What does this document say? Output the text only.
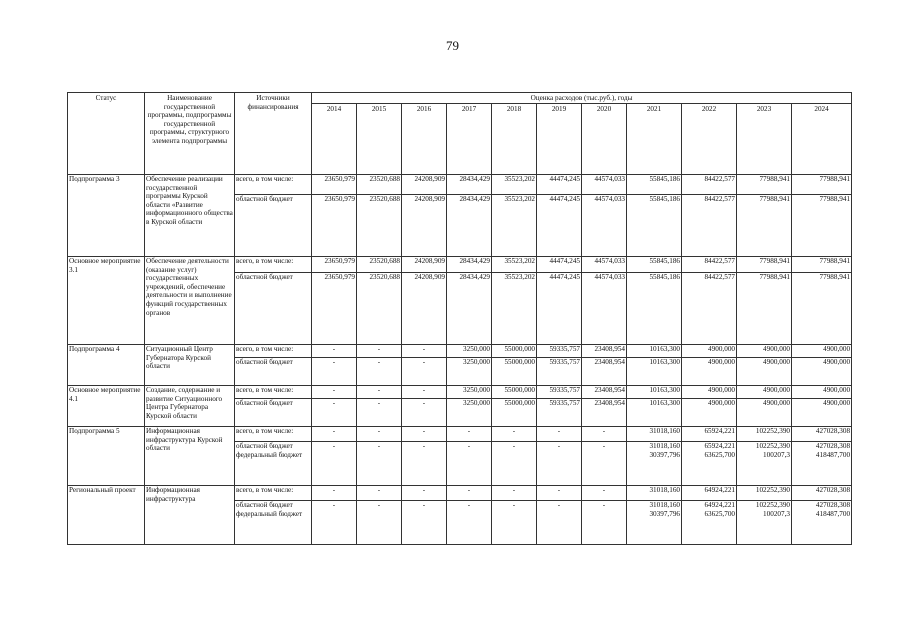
79
Статус	Наименование государственной программы, подпрограммы государственной программы, структурного элемента подпрограммы	Источники финансирования	Оценка расходов (тыс.руб.), годы										
			2014	2015	2016	2017	2018	2019	2020	2021	2022	2023	2024
Подпрограмма 3	Обеспечение реализации государственной программы Курской области «Развитие информационного общества в Курской области	всего, в том числе:	23650,979	23520,688	24208,909	28434,429	35523,202	44474,245	44574,033	55845,186	84422,577	77988,941	77988,941
		областной бюджет	23650,979	23520,688	24208,909	28434,429	35523,202	44474,245	44574,033	55845,186	84422,577	77988,941	77988,941
Основное мероприятие 3.1	Обеспечение деятельности (оказание услуг) государственных учреждений, обеспечение деятельности и выполнение функций государственных органов	всего, в том числе:	23650,979	23520,688	24208,909	28434,429	35523,202	44474,245	44574,033	55845,186	84422,577	77988,941	77988,941
		областной бюджет	23650,979	23520,688	24208,909	28434,429	35523,202	44474,245	44574,033	55845,186	84422,577	77988,941	77988,941
Подпрограмма 4	Ситуационный Центр Губернатора Курской области	всего, в том числе:	-	-	-	3250,000	55000,000	59335,757	23408,954	10163,300	4900,000	4900,000	4900,000
		областной бюджет	-	-	-	3250,000	55000,000	59335,757	23408,954	10163,300	4900,000	4900,000	4900,000
Основное мероприятие 4.1	Создание, содержание и развитие Ситуационного Центра Губернатора Курской области	всего, в том числе:	-	-	-	3250,000	55000,000	59335,757	23408,954	10163,300	4900,000	4900,000	4900,000
		областной бюджет	-	-	-	3250,000	55000,000	59335,757	23408,954	10163,300	4900,000	4900,000	4900,000
Подпрограмма 5	Информационная инфраструктура Курской области	всего, в том числе:	-	-	-	-	-	-	-	31018,160	65924,221	102252,390	427028,308
		областной бюджет федеральный бюджет	-	-	-	-	-	-	-	31018,160 30397,796	65924,221 63625,700	102252,390 100207,3	427028,308 418487,700
Региональный проект	Информационная инфраструктура	всего, в том числе:	-	-	-	-	-	-	-	31018,160	64924,221	102252,390	427028,308
		областной бюджет федеральный бюджет	-	-	-	-	-	-	-	31018,160 30397,796	64924,221 63625,700	102252,390 100207,3	427028,308 418487,700
